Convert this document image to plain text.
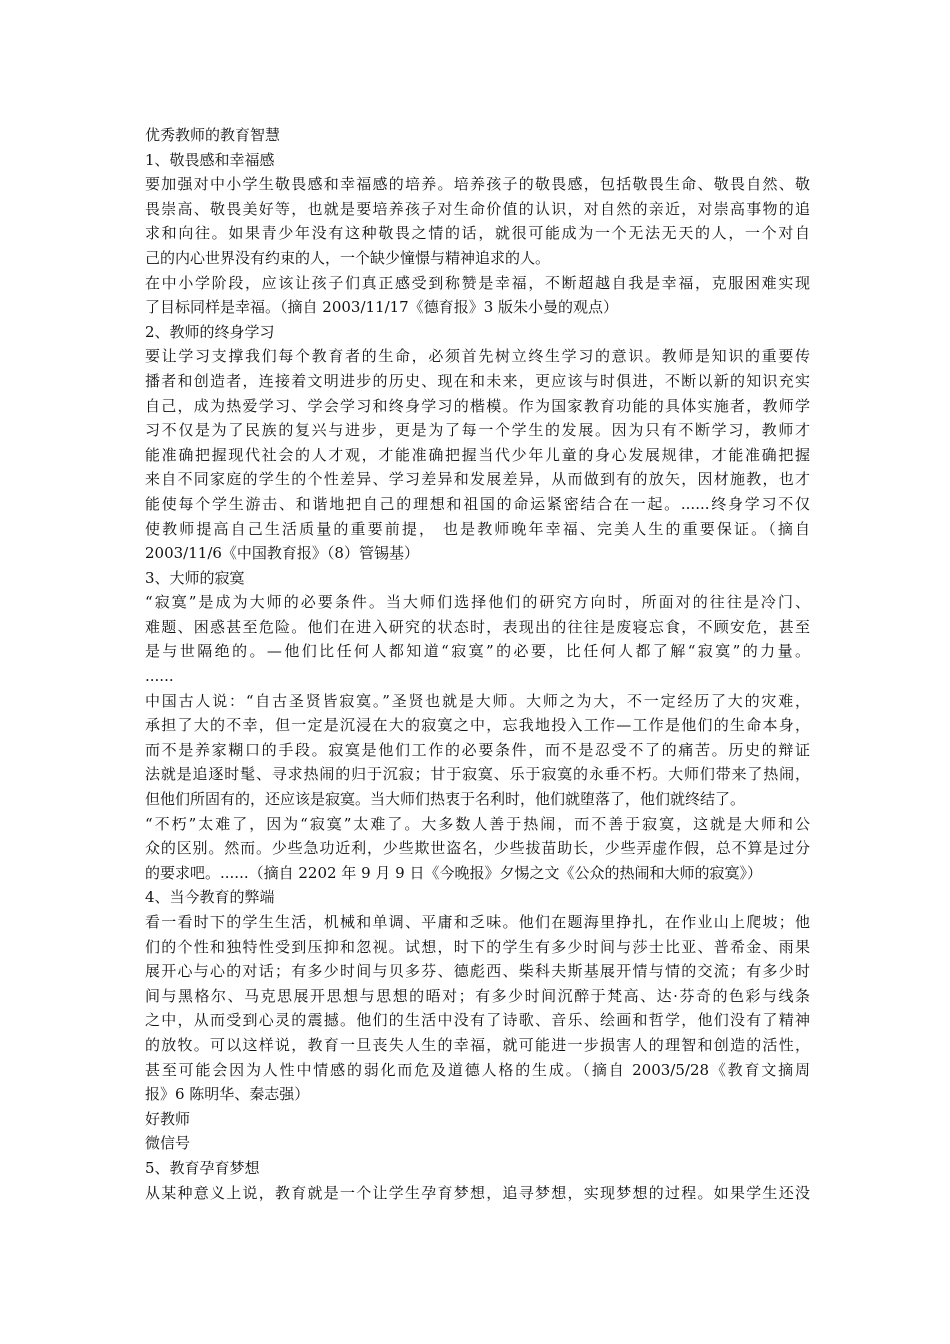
优秀教师的教育智慧
1、敬畏感和幸福感
要加强对中小学生敬畏感和幸福感的培养。培养孩子的敬畏感，包括敬畏生命、敬畏自然、敬
畏崇高、敬畏美好等，也就是要培养孩子对生命价值的认识，对自然的亲近，对崇高事物的追
求和向往。如果青少年没有这种敬畏之情的话，就很可能成为一个无法无天的人，一个对自
己的内心世界没有约束的人，一个缺少憧憬与精神追求的人。
在中小学阶段，应该让孩子们真正感受到称赞是幸福，不断超越自我是幸福，克服困难实现
了目标同样是幸福。（摘自 2003/11/17《德育报》3 版朱小曼的观点）
2、教师的终身学习
要让学习支撑我们每个教育者的生命，必须首先树立终生学习的意识。教师是知识的重要传
播者和创造者，连接着文明进步的历史、现在和未来，更应该与时俱进，不断以新的知识充实
自己，成为热爱学习、学会学习和终身学习的楷模。作为国家教育功能的具体实施者，教师学
习不仅是为了民族的复兴与进步，更是为了每一个学生的发展。因为只有不断学习，教师才
能准确把握现代社会的人才观，才能准确把握当代少年儿童的身心发展规律，才能准确把握
来自不同家庭的学生的个性差异、学习差异和发展差异，从而做到有的放矢，因材施教，也才
能使每个学生游击、和谐地把自己的理想和祖国的命运紧密结合在一起。......终身学习不仅
使教师提高自己生活质量的重要前提， 也是教师晚年幸福、完美人生的重要保证。（摘自
2003/11/6《中国教育报》（8）管锡基）
3、大师的寂寞
“寂寞”是成为大师的必要条件。当大师们选择他们的研究方向时，所面对的往往是冷门、
难题、困惑甚至危险。他们在进入研究的状态时，表现出的往往是废寝忘食，不顾安危，甚至
是与世隔绝的。—他们比任何人都知道“寂寞”的必要，比任何人都了解“寂寞”的力量。
......
中国古人说：“自古圣贤皆寂寞。”圣贤也就是大师。大师之为大，不一定经历了大的灾难，
承担了大的不幸，但一定是沉浸在大的寂寞之中，忘我地投入工作—工作是他们的生命本身，
而不是养家糊口的手段。寂寞是他们工作的必要条件，而不是忍受不了的痛苦。历史的辩证
法就是追逐时髦、寻求热闹的归于沉寂；甘于寂寞、乐于寂寞的永垂不朽。大师们带来了热闹，
但他们所固有的，还应该是寂寞。当大师们热衷于名利时，他们就堕落了，他们就终结了。
“不朽”太难了，因为“寂寞”太难了。大多数人善于热闹，而不善于寂寞，这就是大师和公
众的区别。然而。少些急功近利，少些欺世盗名，少些拔苗助长，少些弄虚作假，总不算是过分
的要求吧。......（摘自 2202 年 9 月 9 日《今晚报》夕惕之文《公众的热闹和大师的寂寞》）
4、当今教育的弊端
看一看时下的学生生活，机械和单调、平庸和乏味。他们在题海里挣扎，在作业山上爬坡；他
们的个性和独特性受到压抑和忽视。试想，时下的学生有多少时间与莎士比亚、普希金、雨果
展开心与心的对话；有多少时间与贝多芬、德彪西、柴科夫斯基展开情与情的交流；有多少时
间与黑格尔、马克思展开思想与思想的晤对；有多少时间沉醉于梵高、达·芬奇的色彩与线条
之中，从而受到心灵的震撼。他们的生活中没有了诗歌、音乐、绘画和哲学，他们没有了精神
的放牧。可以这样说，教育一旦丧失人生的幸福，就可能进一步损害人的理智和创造的活性，
甚至可能会因为人性中情感的弱化而危及道德人格的生成。（摘自 2003/5/28《教育文摘周
报》6 陈明华、秦志强）
好教师
微信号
5、教育孕育梦想
从某种意义上说，教育就是一个让学生孕育梦想，追寻梦想，实现梦想的过程。如果学生还没
